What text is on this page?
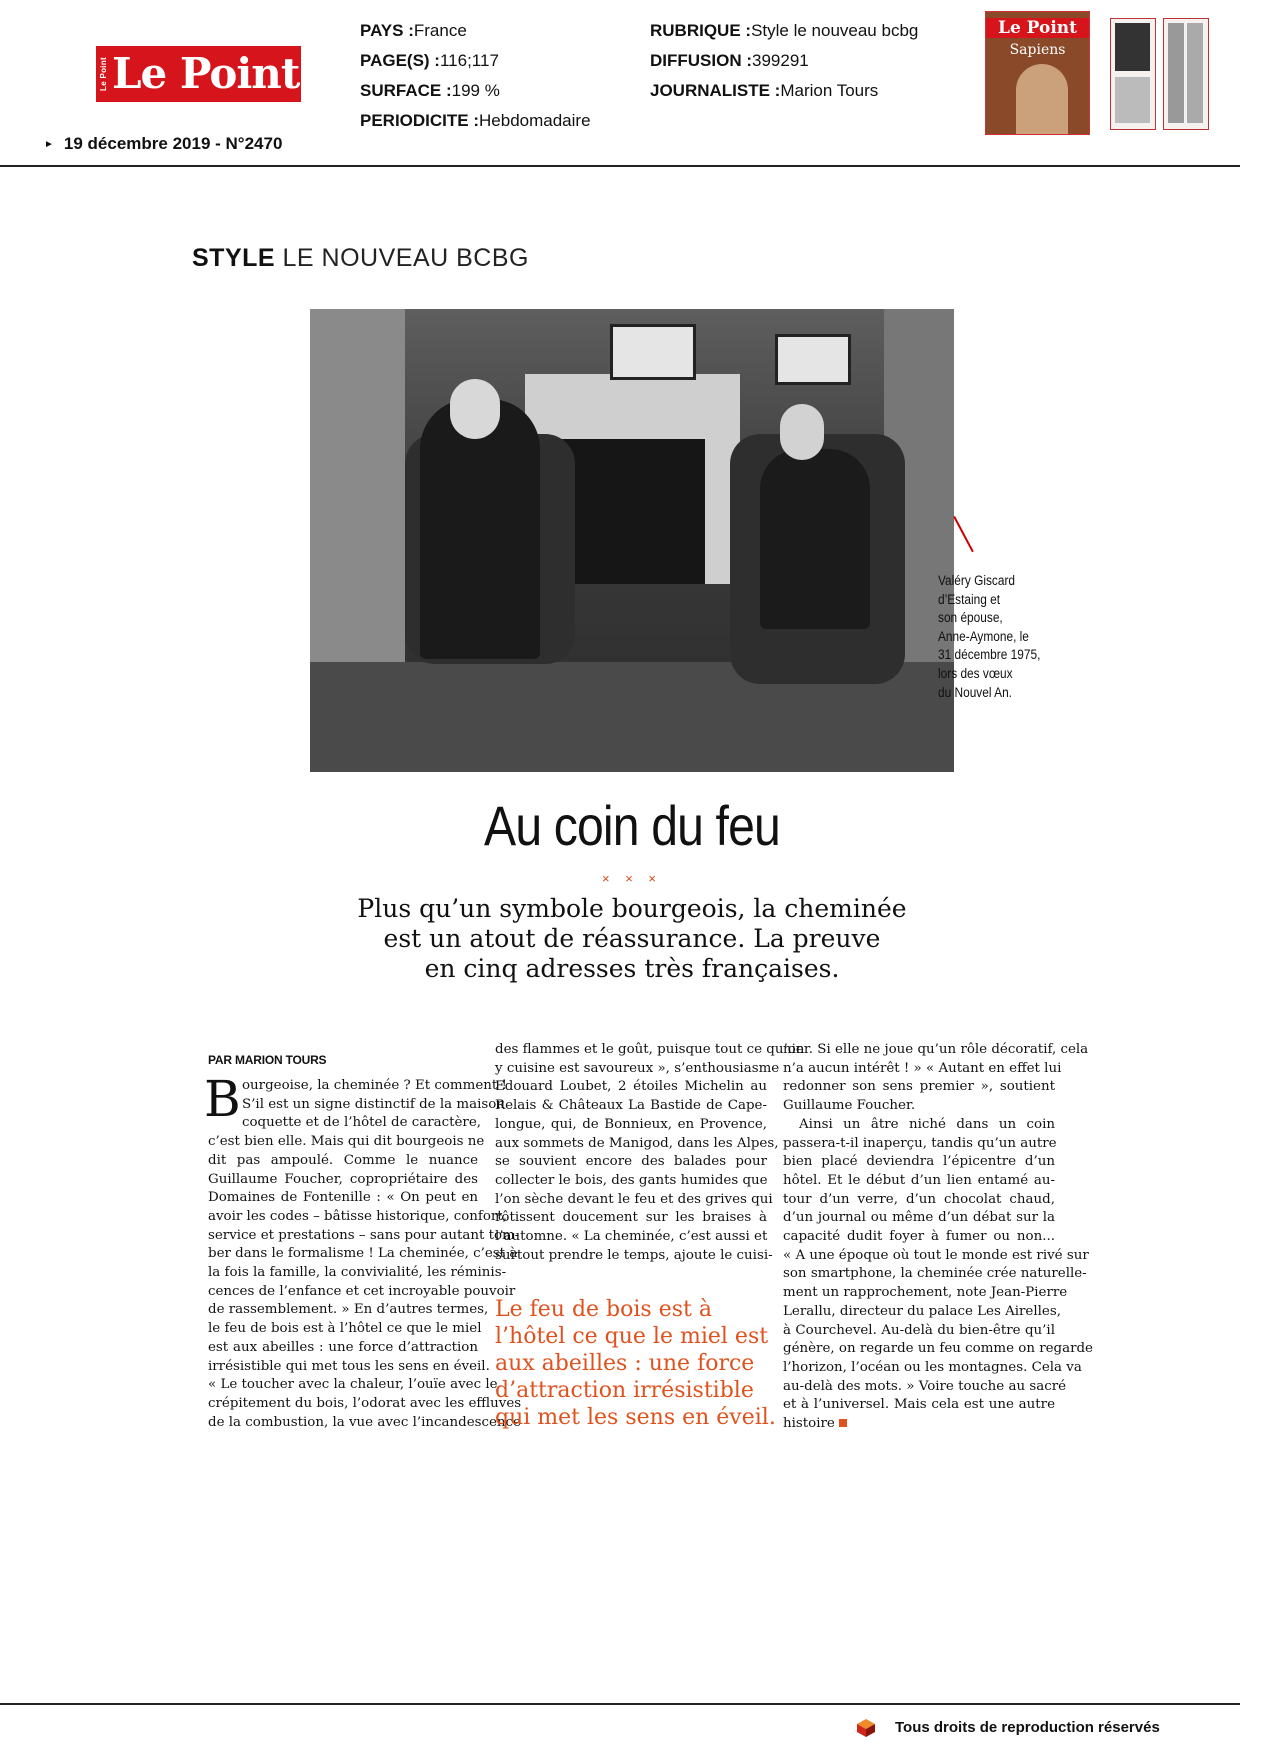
Le Point Le Point
► 19 décembre 2019 - N°2470
PAYS :France
PAGE(S) :116;117
SURFACE :199 %
PERIODICITE :Hebdomadaire
RUBRIQUE :Style le nouveau bcbg
DIFFUSION :399291
JOURNALISTE :Marion Tours
Le Point
Sapiens
STYLE LE NOUVEAU BCBG
Valéry Giscard
d’Estaing et
son épouse,
Anne-Aymone, le
31 décembre 1975,
lors des vœux
du Nouvel An.
Au coin du feu
× × ×
Plus qu’un symbole bourgeois, la cheminée
est un atout de réassurance. La preuve
en cinq adresses très françaises.
PAR MARION TOURS
B ourgeoise, la cheminée ? Et comment !
S’il est un signe distinctif de la maison
coquette et de l’hôtel de caractère,
c’est bien elle. Mais qui dit bourgeois ne
dit pas ampoulé. Comme le nuance
Guillaume Foucher, copropriétaire des
Domaines de Fontenille : « On peut en
avoir les codes – bâtisse historique, confort,
service et prestations – sans pour autant tom-
ber dans le formalisme ! La cheminée, c’est à
la fois la famille, la convivialité, les réminis-
cences de l’enfance et cet incroyable pouvoir
de rassemblement. » En d’autres termes,
le feu de bois est à l’hôtel ce que le miel
est aux abeilles : une force d’attraction
irrésistible qui met tous les sens en éveil.
« Le toucher avec la chaleur, l’ouïe avec le
crépitement du bois, l’odorat avec les effluves
de la combustion, la vue avec l’incandescence
des flammes et le goût, puisque tout ce qu’on
y cuisine est savoureux », s’enthousiasme
Edouard Loubet, 2 étoiles Michelin au
Relais & Châteaux La Bastide de Cape-
longue, qui, de Bonnieux, en Provence,
aux sommets de Manigod, dans les Alpes,
se souvient encore des balades pour
collecter le bois, des gants humides que
l’on sèche devant le feu et des grives qui
rôtissent doucement sur les braises à
l’automne. « La cheminée, c’est aussi et
surtout prendre le temps, ajoute le cuisi-
Le feu de bois est à l’hôtel ce que le miel est aux abeilles : une force d’attraction irrésistible qui met les sens en éveil.
nier. Si elle ne joue qu’un rôle décoratif, cela
n’a aucun intérêt ! » « Autant en effet lui
redonner son sens premier », soutient
Guillaume Foucher.
Ainsi un âtre niché dans un coin
passera-t-il inaperçu, tandis qu’un autre
bien placé deviendra l’épicentre d’un
hôtel. Et le début d’un lien entamé au-
tour d’un verre, d’un chocolat chaud,
d’un journal ou même d’un débat sur la
capacité dudit foyer à fumer ou non...
« A une époque où tout le monde est rivé sur
son smartphone, la cheminée crée naturelle-
ment un rapprochement, note Jean-Pierre
Lerallu, directeur du palace Les Airelles,
à Courchevel. Au-delà du bien-être qu’il
génère, on regarde un feu comme on regarde
l’horizon, l’océan ou les montagnes. Cela va
au-delà des mots. » Voire touche au sacré
et à l’universel. Mais cela est une autre
histoire
Tous droits de reproduction réservés
